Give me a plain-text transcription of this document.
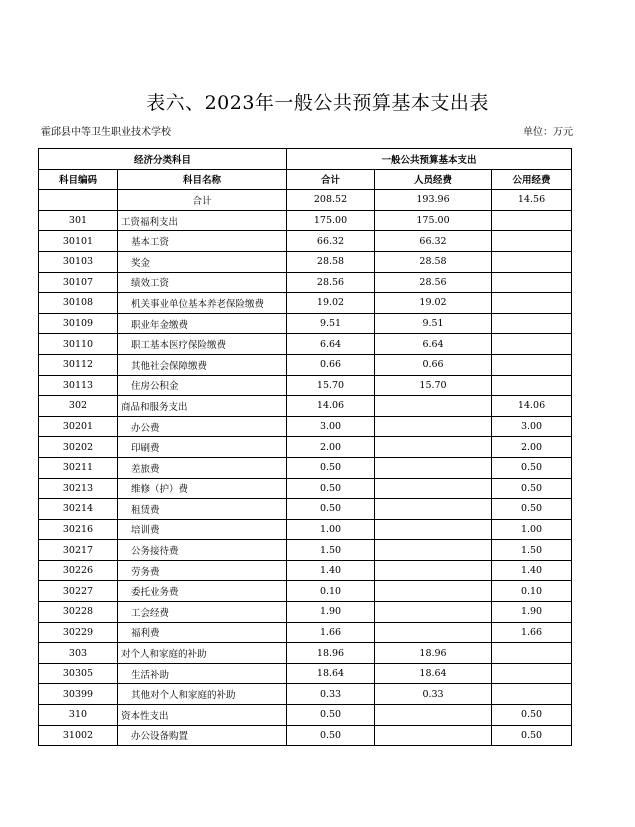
表六、2023年一般公共预算基本支出表
霍邱县中等卫生职业技术学校	单位：万元
经济分类科目		一般公共预算基本支出		
科目编码	科目名称	合计	人员经费	公用经费
	合计	208.52	193.96	14.56
301	工资福利支出	175.00	175.00	
30101	基本工资	66.32	66.32	
30103	奖金	28.58	28.58	
30107	绩效工资	28.56	28.56	
30108	机关事业单位基本养老保险缴费	19.02	19.02	
30109	职业年金缴费	9.51	9.51	
30110	职工基本医疗保险缴费	6.64	6.64	
30112	其他社会保障缴费	0.66	0.66	
30113	住房公积金	15.70	15.70	
302	商品和服务支出	14.06		14.06
30201	办公费	3.00		3.00
30202	印刷费	2.00		2.00
30211	差旅费	0.50		0.50
30213	维修（护）费	0.50		0.50
30214	租赁费	0.50		0.50
30216	培训费	1.00		1.00
30217	公务接待费	1.50		1.50
30226	劳务费	1.40		1.40
30227	委托业务费	0.10		0.10
30228	工会经费	1.90		1.90
30229	福利费	1.66		1.66
303	对个人和家庭的补助	18.96	18.96	
30305	生活补助	18.64	18.64	
30399	其他对个人和家庭的补助	0.33	0.33	
310	资本性支出	0.50		0.50
31002	办公设备购置	0.50		0.50
